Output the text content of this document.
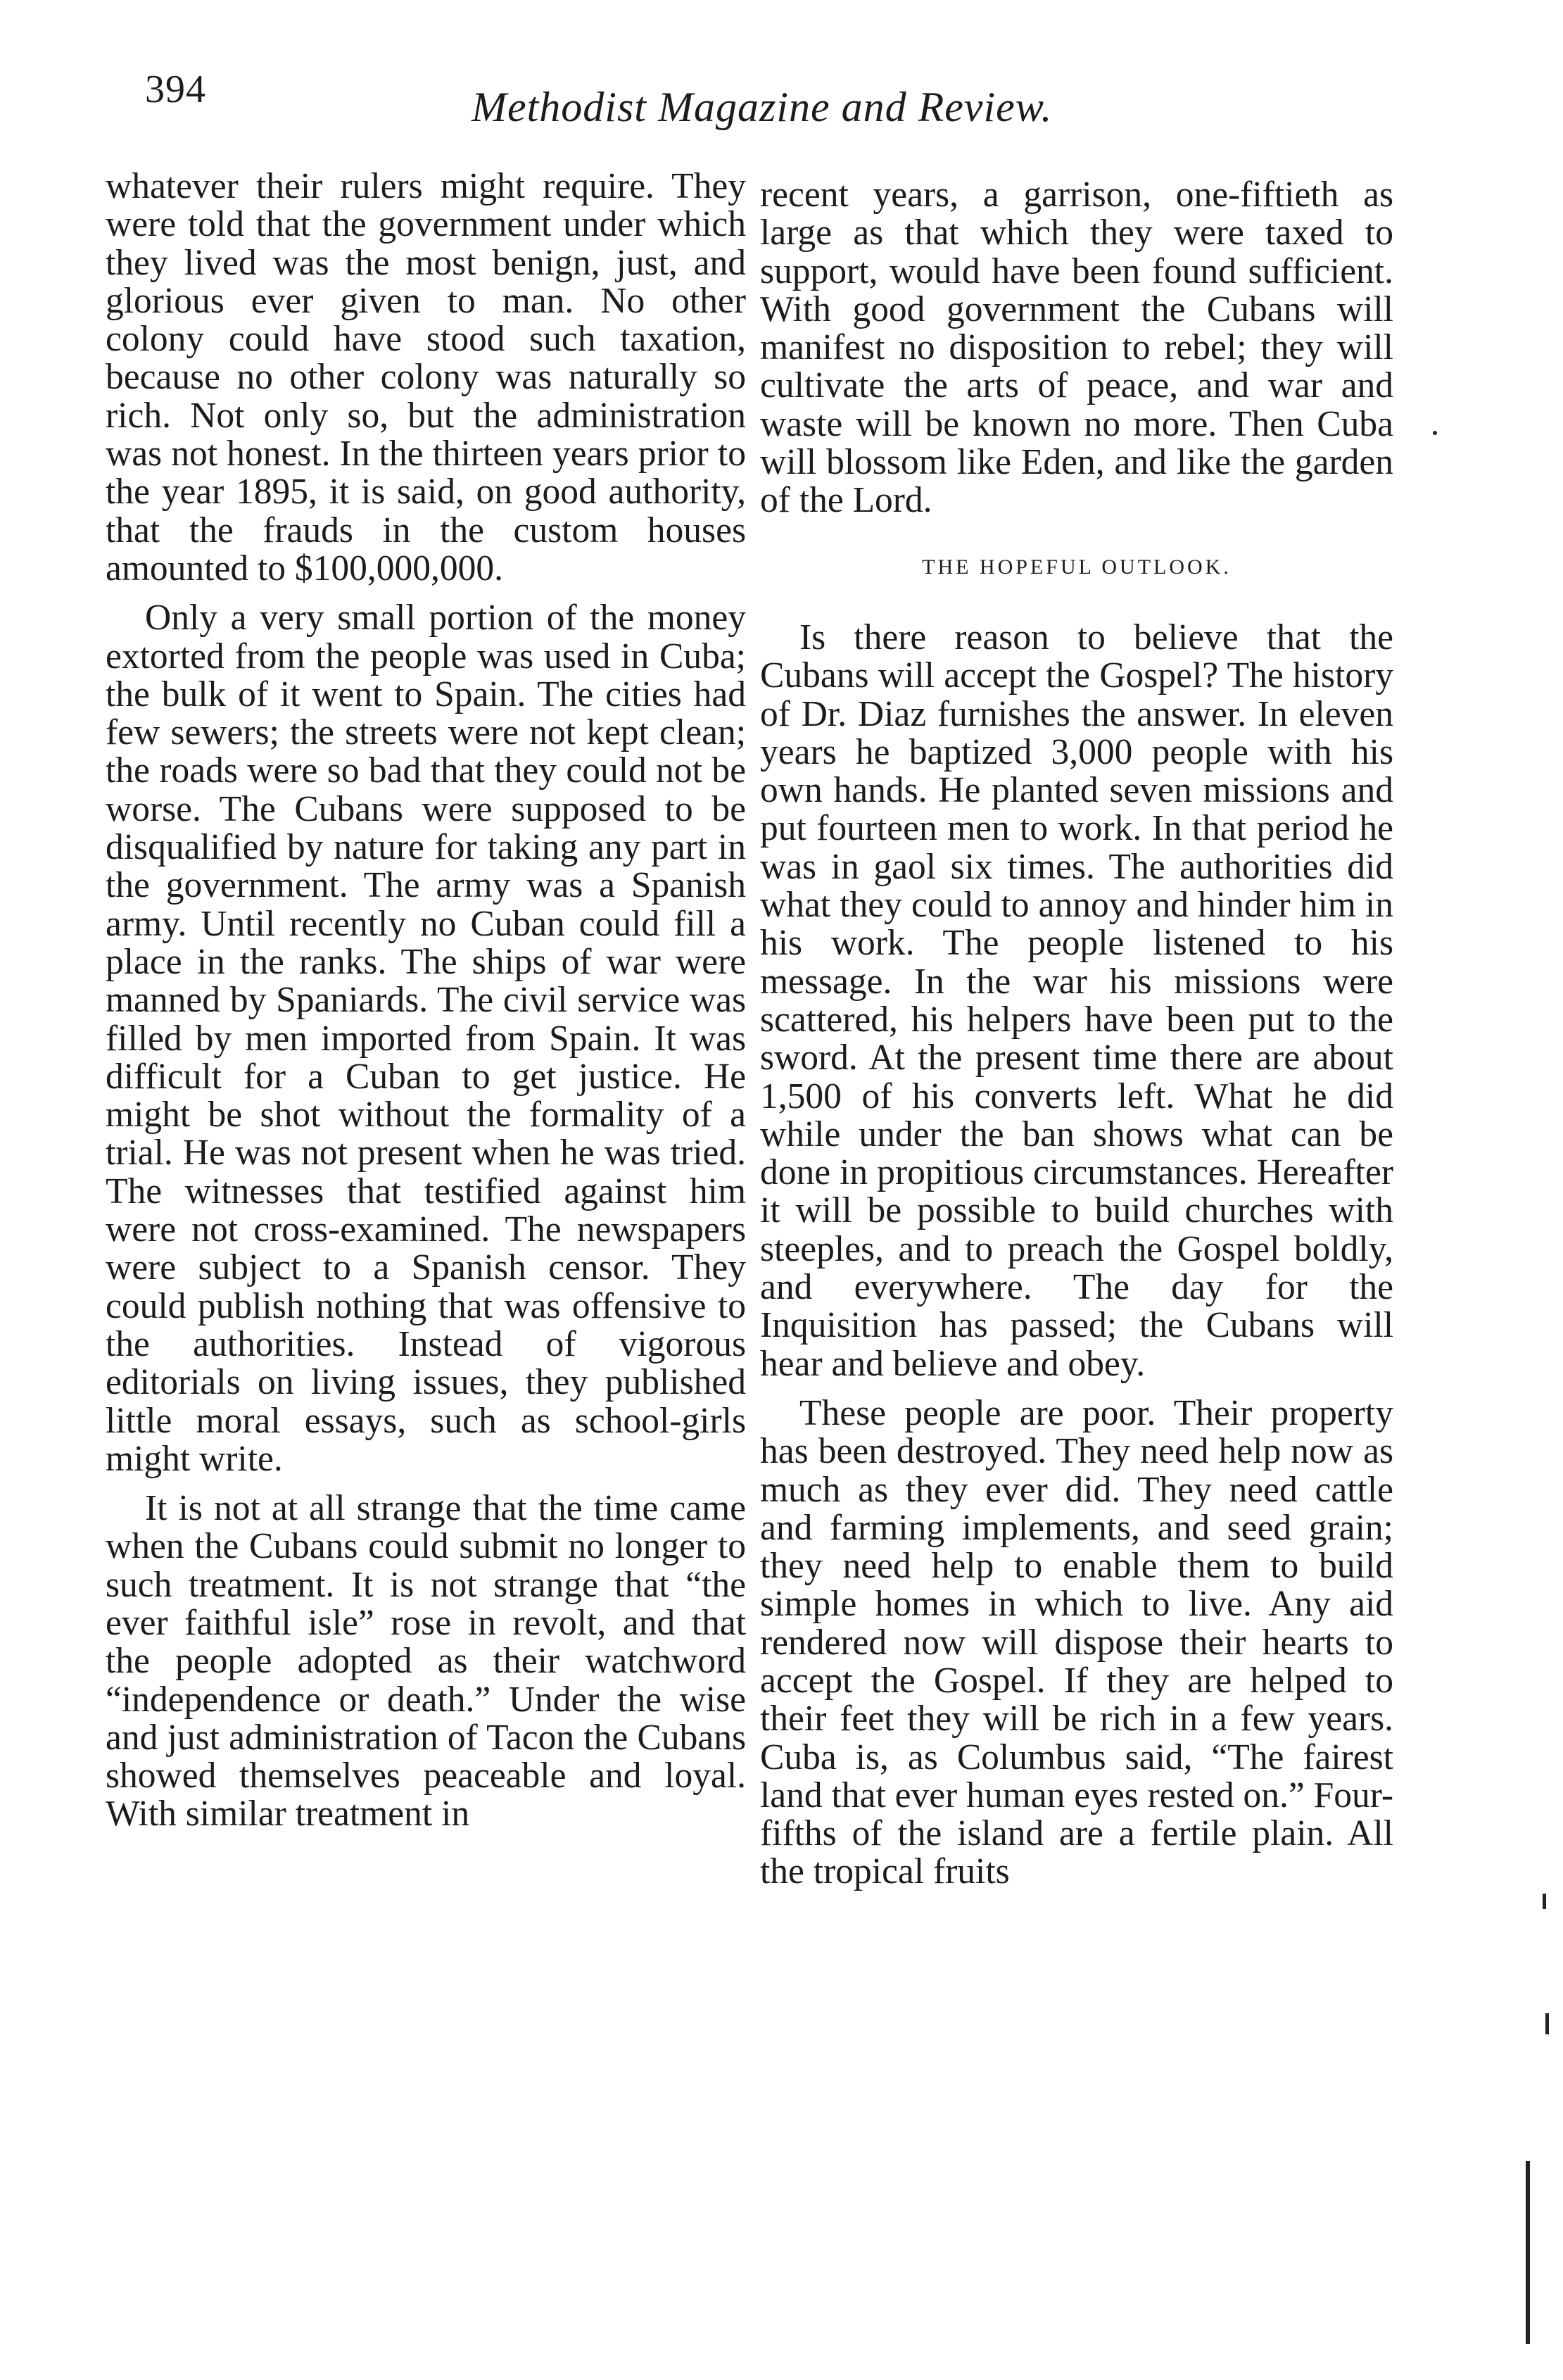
394	Methodist Magazine and Review.

whatever their rulers might require. They were told that the government under which they lived was the most benign, just, and glorious ever given to man. No other colony could have stood such taxation, because no other colony was naturally so rich. Not only so, but the administration was not honest. In the thirteen years prior to the year 1895, it is said, on good authority, that the frauds in the custom houses amounted to $100,000,000.

Only a very small portion of the money extorted from the people was used in Cuba; the bulk of it went to Spain. The cities had few sewers; the streets were not kept clean; the roads were so bad that they could not be worse. The Cubans were supposed to be disqualified by nature for taking any part in the government. The army was a Spanish army. Until recently no Cuban could fill a place in the ranks. The ships of war were manned by Spaniards. The civil service was filled by men imported from Spain. It was difficult for a Cuban to get justice. He might be shot without the formality of a trial. He was not present when he was tried. The witnesses that testified against him were not cross-examined. The newspapers were subject to a Spanish censor. They could publish nothing that was offensive to the authorities. Instead of vigorous editorials on living issues, they published little moral essays, such as school-girls might write.

It is not at all strange that the time came when the Cubans could submit no longer to such treatment. It is not strange that “the ever faithful isle” rose in revolt, and that the people adopted as their watchword “independence or death.” Under the wise and just administration of Tacon the Cubans showed themselves peaceable and loyal. With similar treatment in

recent years, a garrison, one-fiftieth as large as that which they were taxed to support, would have been found sufficient. With good government the Cubans will manifest no disposition to rebel; they will cultivate the arts of peace, and war and waste will be known no more. Then Cuba will blossom like Eden, and like the garden of the Lord.

THE HOPEFUL OUTLOOK.

Is there reason to believe that the Cubans will accept the Gospel? The history of Dr. Diaz furnishes the answer. In eleven years he baptized 3,000 people with his own hands. He planted seven missions and put fourteen men to work. In that period he was in gaol six times. The authorities did what they could to annoy and hinder him in his work. The people listened to his message. In the war his missions were scattered, his helpers have been put to the sword. At the present time there are about 1,500 of his converts left. What he did while under the ban shows what can be done in propitious circumstances. Hereafter it will be possible to build churches with steeples, and to preach the Gospel boldly, and everywhere. The day for the Inquisition has passed; the Cubans will hear and believe and obey.

These people are poor. Their property has been destroyed. They need help now as much as they ever did. They need cattle and farming implements, and seed grain; they need help to enable them to build simple homes in which to live. Any aid rendered now will dispose their hearts to accept the Gospel. If they are helped to their feet they will be rich in a few years. Cuba is, as Columbus said, “The fairest land that ever human eyes rested on.” Four-fifths of the island are a fertile plain. All the tropical fruits
